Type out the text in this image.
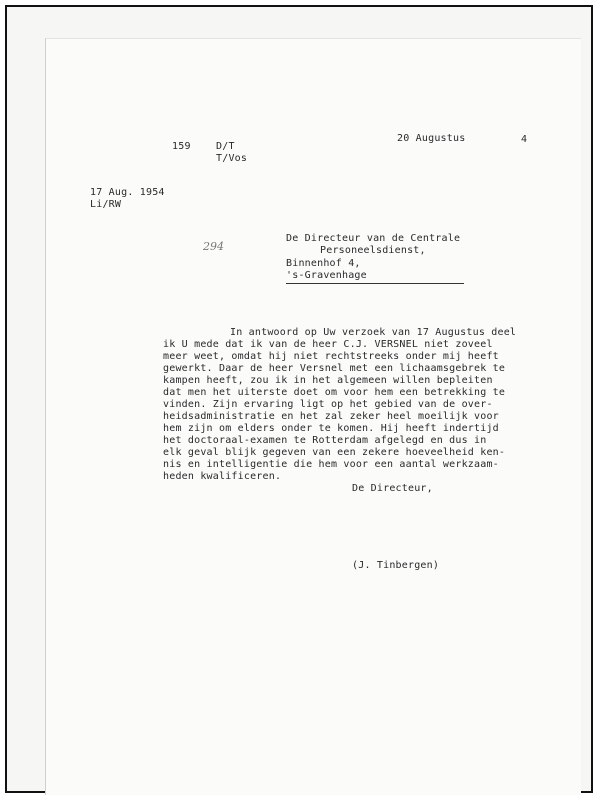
159	D/T
T/Vos
20 Augustus	4
17 Aug. 1954
Li/RW
294
De Directeur van de Centrale
Personeelsdienst,
Binnenhof 4,
's-Gravenhage
In antwoord op Uw verzoek van 17 Augustus deel
ik U mede dat ik van de heer C.J. VERSNEL niet zoveel
meer weet, omdat hij niet rechtstreeks onder mij heeft
gewerkt. Daar de heer Versnel met een lichaamsgebrek te
kampen heeft, zou ik in het algemeen willen bepleiten
dat men het uiterste doet om voor hem een betrekking te
vinden. Zijn ervaring ligt op het gebied van de over-
heidsadministratie en het zal zeker heel moeilijk voor
hem zijn om elders onder te komen. Hij heeft indertijd
het doctoraal-examen te Rotterdam afgelegd en dus in
elk geval blijk gegeven van een zekere hoeveelheid ken-
nis en intelligentie die hem voor een aantal werkzaam-
heden kwalificeren.
De Directeur,
(J. Tinbergen)
